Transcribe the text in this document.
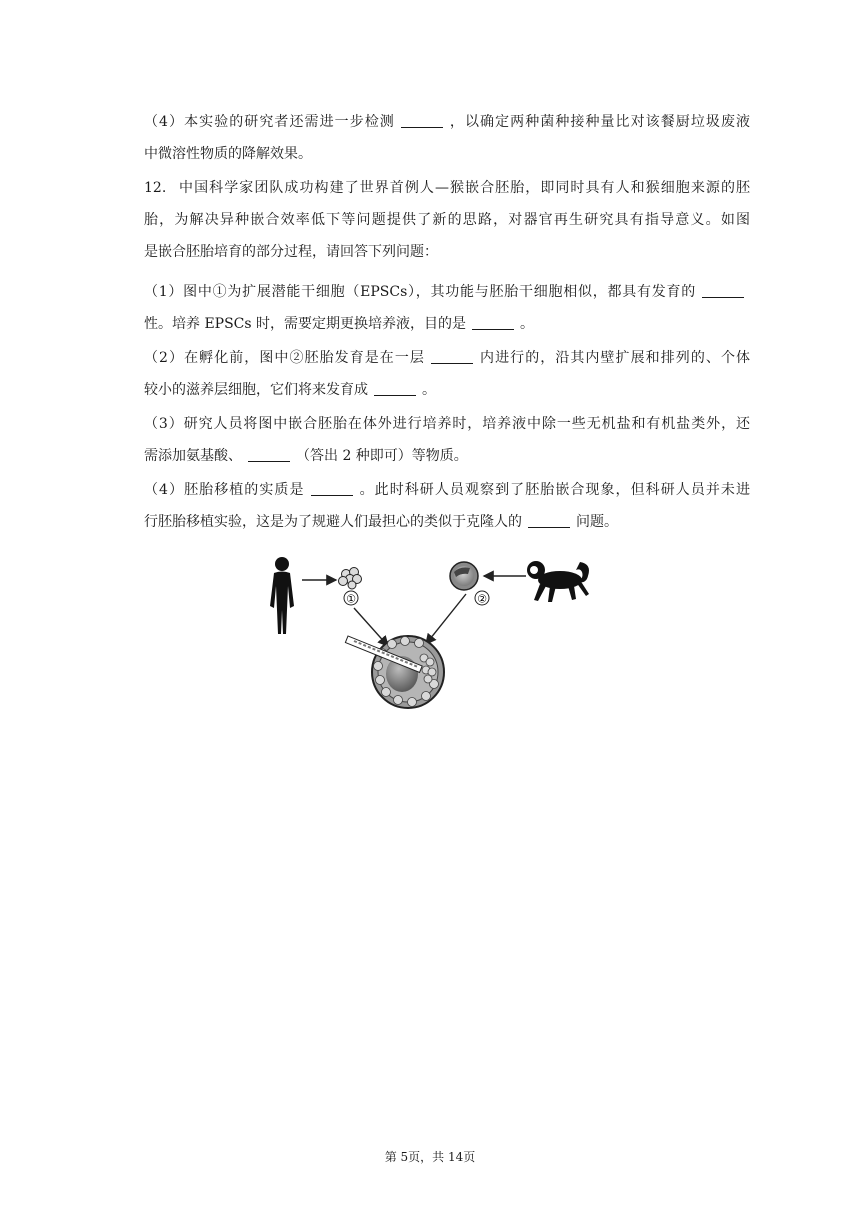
（4）本实验的研究者还需进一步检测	，以确定两种菌种接种量比对该餐厨垃圾废液
中微溶性物质的降解效果。
12. 中国科学家团队成功构建了世界首例人—猴嵌合胚胎，即同时具有人和猴细胞来源的胚
胎，为解决异种嵌合效率低下等问题提供了新的思路，对器官再生研究具有指导意义。如图
是嵌合胚胎培育的部分过程，请回答下列问题：
（1）图中①为扩展潜能干细胞（EPSCs），其功能与胚胎干细胞相似，都具有发育的
性。培养 EPSCs 时，需要定期更换培养液，目的是	。
（2）在孵化前，图中②胚胎发育是在一层	内进行的，沿其内壁扩展和排列的、个体
较小的滋养层细胞，它们将来发育成	。
（3）研究人员将图中嵌合胚胎在体外进行培养时，培养液中除一些无机盐和有机盐类外，还
需添加氨基酸、	（答出 2 种即可）等物质。
（4）胚胎移植的实质是	。此时科研人员观察到了胚胎嵌合现象，但科研人员并未进
行胚胎移植实验，这是为了规避人们最担心的类似于克隆人的	问题。
①	②
第 5页，共 14页
